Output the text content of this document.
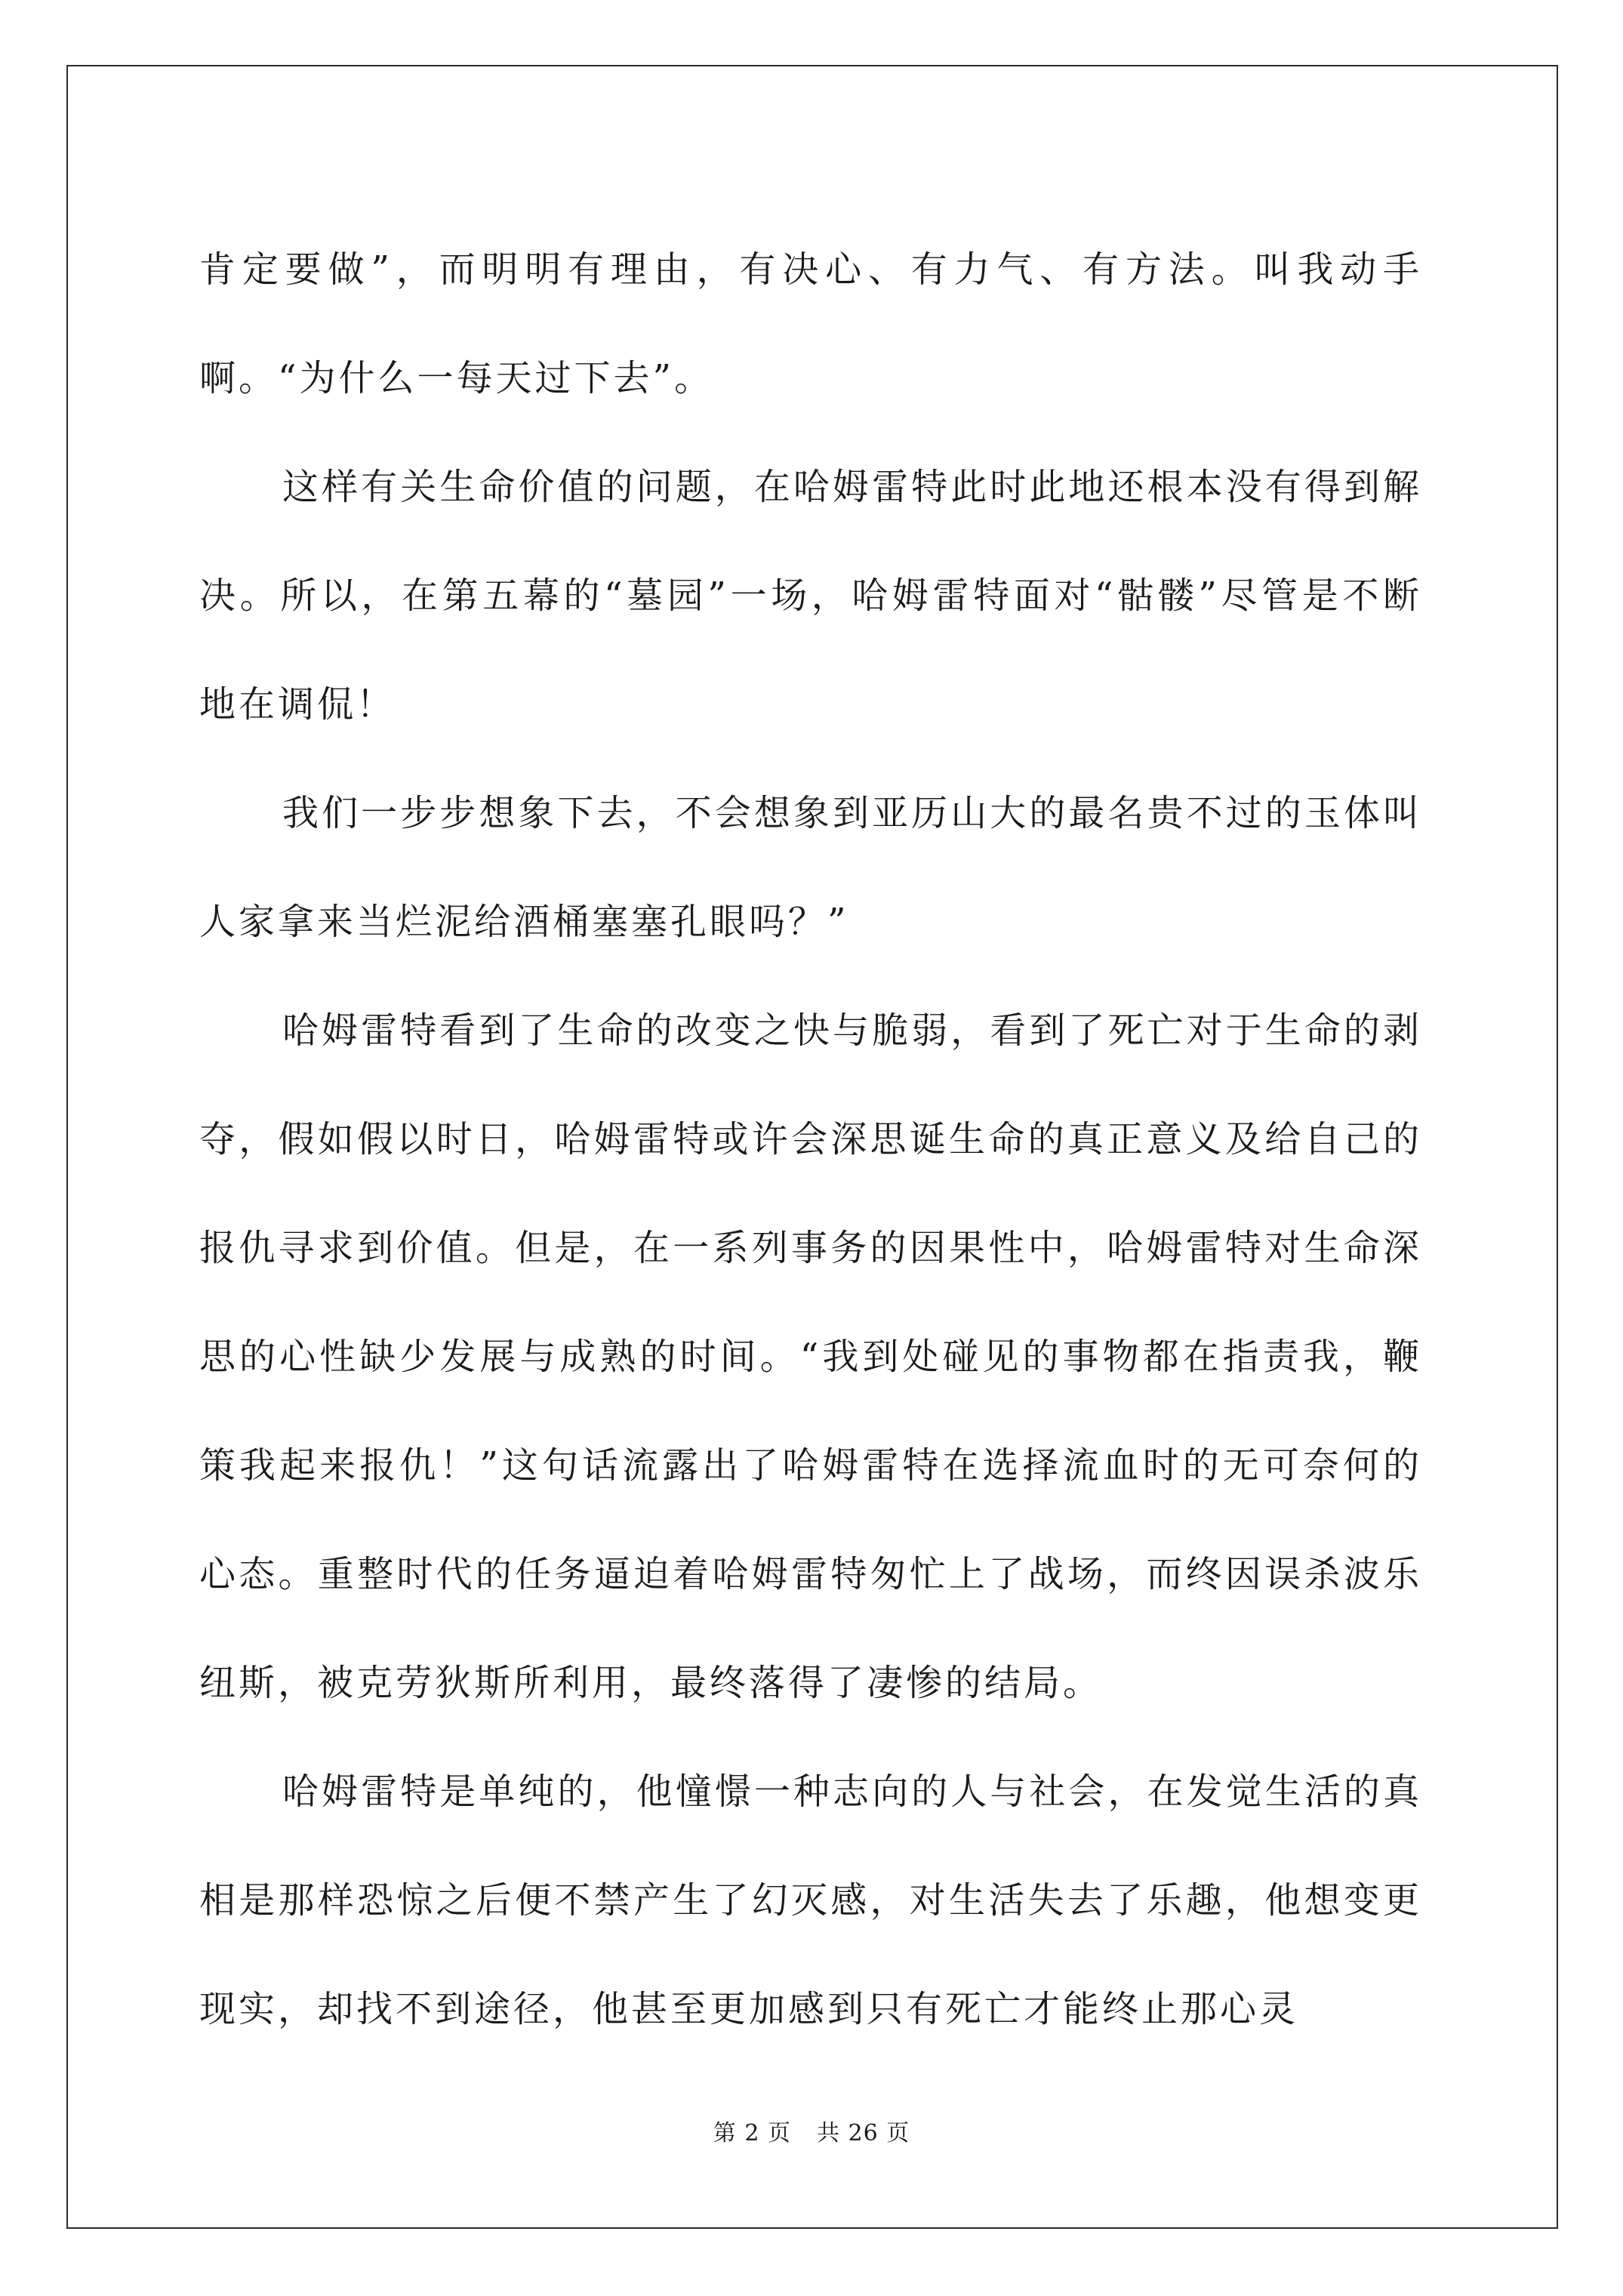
肯定要做”，而明明有理由，有决心、有力气、有方法。叫我动手啊。“为什么一每天过下去”。

这样有关生命价值的问题，在哈姆雷特此时此地还根本没有得到解决。所以，在第五幕的“墓园”一场，哈姆雷特面对“骷髅”尽管是不断地在调侃！

我们一步步想象下去，不会想象到亚历山大的最名贵不过的玉体叫人家拿来当烂泥给酒桶塞塞孔眼吗？”

哈姆雷特看到了生命的改变之快与脆弱，看到了死亡对于生命的剥夺，假如假以时日，哈姆雷特或许会深思诞生命的真正意义及给自己的报仇寻求到价值。但是，在一系列事务的因果性中，哈姆雷特对生命深思的心性缺少发展与成熟的时间。“我到处碰见的事物都在指责我，鞭策我起来报仇！”这句话流露出了哈姆雷特在选择流血时的无可奈何的心态。重整时代的任务逼迫着哈姆雷特匆忙上了战场，而终因误杀波乐纽斯，被克劳狄斯所利用，最终落得了凄惨的结局。

哈姆雷特是单纯的，他憧憬一种志向的人与社会，在发觉生活的真相是那样恐惊之后便不禁产生了幻灭感，对生活失去了乐趣，他想变更现实，却找不到途径，他甚至更加感到只有死亡才能终止那心灵

第 2 页 共 26 页
